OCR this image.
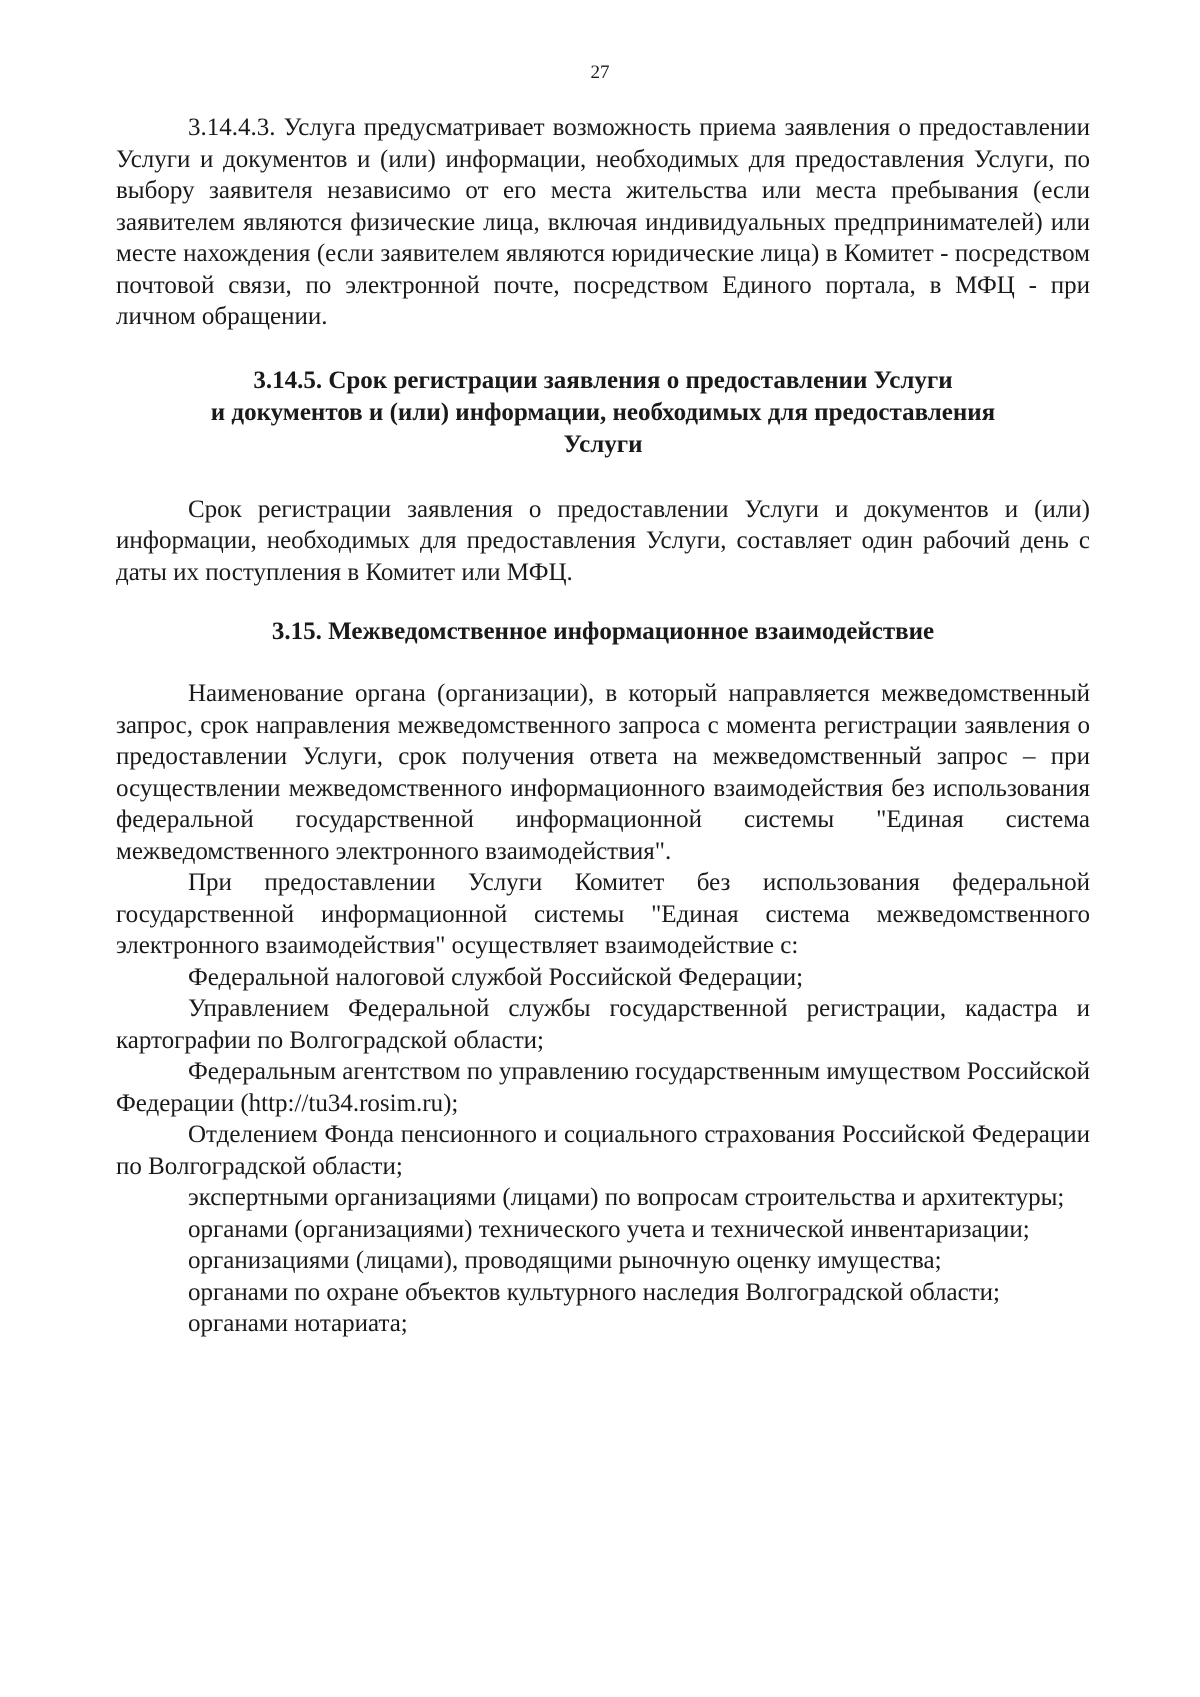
27

3.14.4.3. Услуга предусматривает возможность приема заявления о предоставлении Услуги и документов и (или) информации, необходимых для предоставления Услуги, по выбору заявителя независимо от его места жительства или места пребывания (если заявителем являются физические лица, включая индивидуальных предпринимателей) или месте нахождения (если заявителем являются юридические лица) в Комитет - посредством почтовой связи, по электронной почте, посредством Единого портала, в МФЦ - при личном обращении.

3.14.5. Срок регистрации заявления о предоставлении Услуги
и документов и (или) информации, необходимых для предоставления
Услуги

Срок регистрации заявления о предоставлении Услуги и документов и (или) информации, необходимых для предоставления Услуги, составляет один рабочий день с даты их поступления в Комитет или МФЦ.

3.15. Межведомственное информационное взаимодействие

Наименование органа (организации), в который направляется межведомственный запрос, срок направления межведомственного запроса с момента регистрации заявления о предоставлении Услуги, срок получения ответа на межведомственный запрос – при осуществлении межведомственного информационного взаимодействия без использования федеральной государственной информационной системы "Единая система межведомственного электронного взаимодействия".

При предоставлении Услуги Комитет без использования федеральной государственной информационной системы "Единая система межведомственного электронного взаимодействия" осуществляет взаимодействие с:

Федеральной налоговой службой Российской Федерации;

Управлением Федеральной службы государственной регистрации, кадастра и картографии по Волгоградской области;

Федеральным агентством по управлению государственным имуществом Российской Федерации (http://tu34.rosim.ru);

Отделением Фонда пенсионного и социального страхования Российской Федерации по Волгоградской области;

экспертными организациями (лицами) по вопросам строительства и архитектуры;

органами (организациями) технического учета и технической инвентаризации;

организациями (лицами), проводящими рыночную оценку имущества;

органами по охране объектов культурного наследия Волгоградской области;

органами нотариата;
